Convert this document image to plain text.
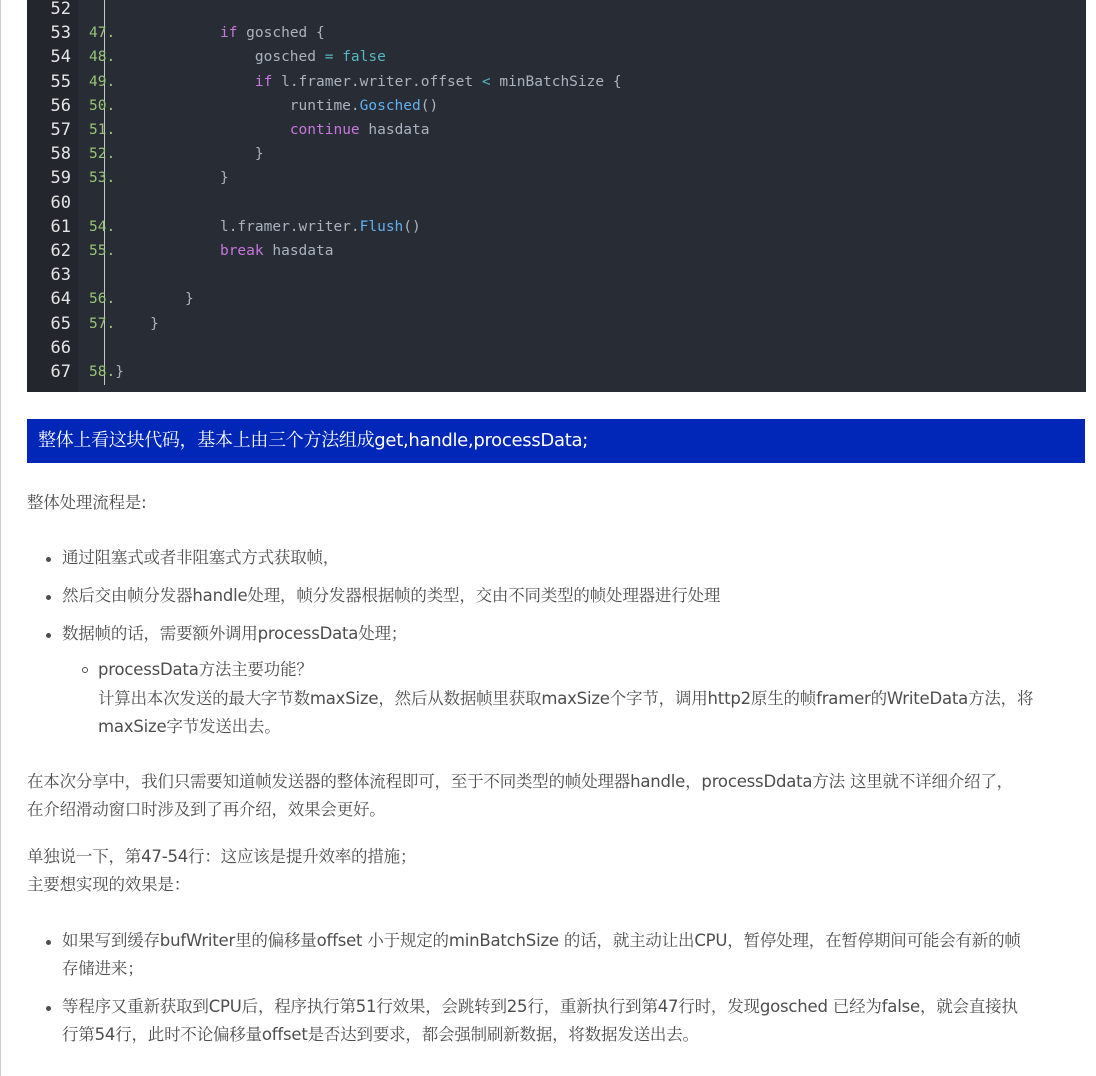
52
53 47.	if gosched {
54 48.                gosched = false
55 49.	if l.framer.writer.offset < minBatchSize {
56 50.                    runtime.Gosched()
57 51.	continue hasdata
58 52.                }
59 53.            }
60
61 54.            l.framer.writer.Flush()
62 55.	break hasdata
63
64 56.        }
65 57.    }
66
67 58.}
整体上看这块代码，基本上由三个方法组成get,handle,processData;
整体处理流程是:
通过阻塞式或者非阻塞式方式获取帧，
然后交由帧分发器handle处理，帧分发器根据帧的类型，交由不同类型的帧处理器进行处理
数据帧的话，需要额外调用processData处理；
processData方法主要功能？
计算出本次发送的最大字节数maxSize，然后从数据帧里获取maxSize个字节，调用http2原生的帧framer的WriteData方法，将
maxSize字节发送出去。
在本次分享中，我们只需要知道帧发送器的整体流程即可，至于不同类型的帧处理器handle，processDdata方法 这里就不详细介绍了，
在介绍滑动窗口时涉及到了再介绍，效果会更好。
单独说一下，第47-54行：这应该是提升效率的措施；
主要想实现的效果是：
如果写到缓存bufWriter里的偏移量offset 小于规定的minBatchSize 的话，就主动让出CPU，暂停处理，在暂停期间可能会有新的帧
存储进来；
等程序又重新获取到CPU后，程序执行第51行效果，会跳转到25行，重新执行到第47行时，发现gosched 已经为false，就会直接执
行第54行，此时不论偏移量offset是否达到要求，都会强制刷新数据，将数据发送出去。
